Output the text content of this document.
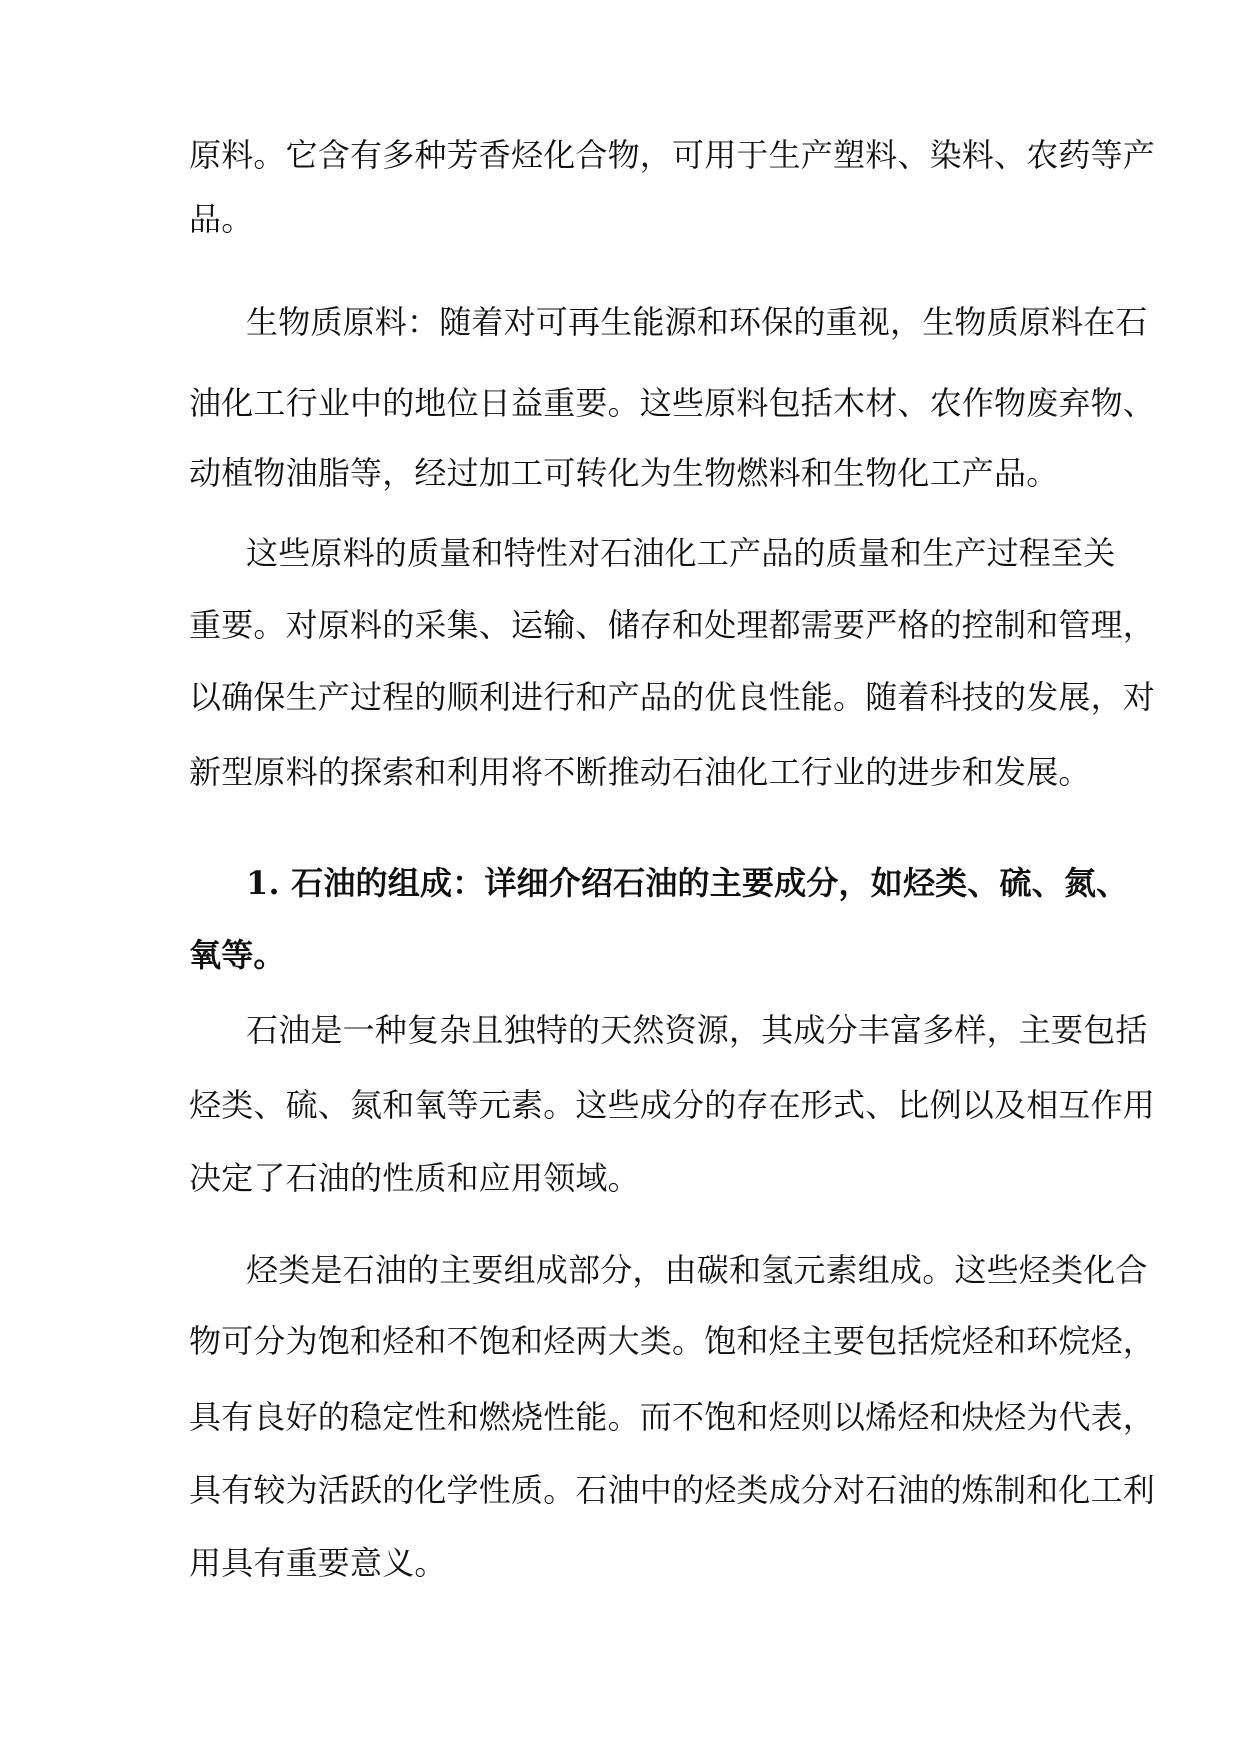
原料。它含有多种芳香烃化合物，可用于生产塑料、染料、农药等产
品。
生物质原料：随着对可再生能源和环保的重视，生物质原料在石
油化工行业中的地位日益重要。这些原料包括木材、农作物废弃物、
动植物油脂等，经过加工可转化为生物燃料和生物化工产品。
这些原料的质量和特性对石油化工产品的质量和生产过程至关
重要。对原料的采集、运输、储存和处理都需要严格的控制和管理，
以确保生产过程的顺利进行和产品的优良性能。随着科技的发展，对
新型原料的探索和利用将不断推动石油化工行业的进步和发展。
1. 石油的组成：详细介绍石油的主要成分，如烃类、硫、氮、
氧等。
石油是一种复杂且独特的天然资源，其成分丰富多样，主要包括
烃类、硫、氮和氧等元素。这些成分的存在形式、比例以及相互作用
决定了石油的性质和应用领域。
烃类是石油的主要组成部分，由碳和氢元素组成。这些烃类化合
物可分为饱和烃和不饱和烃两大类。饱和烃主要包括烷烃和环烷烃，
具有良好的稳定性和燃烧性能。而不饱和烃则以烯烃和炔烃为代表，
具有较为活跃的化学性质。石油中的烃类成分对石油的炼制和化工利
用具有重要意义。
